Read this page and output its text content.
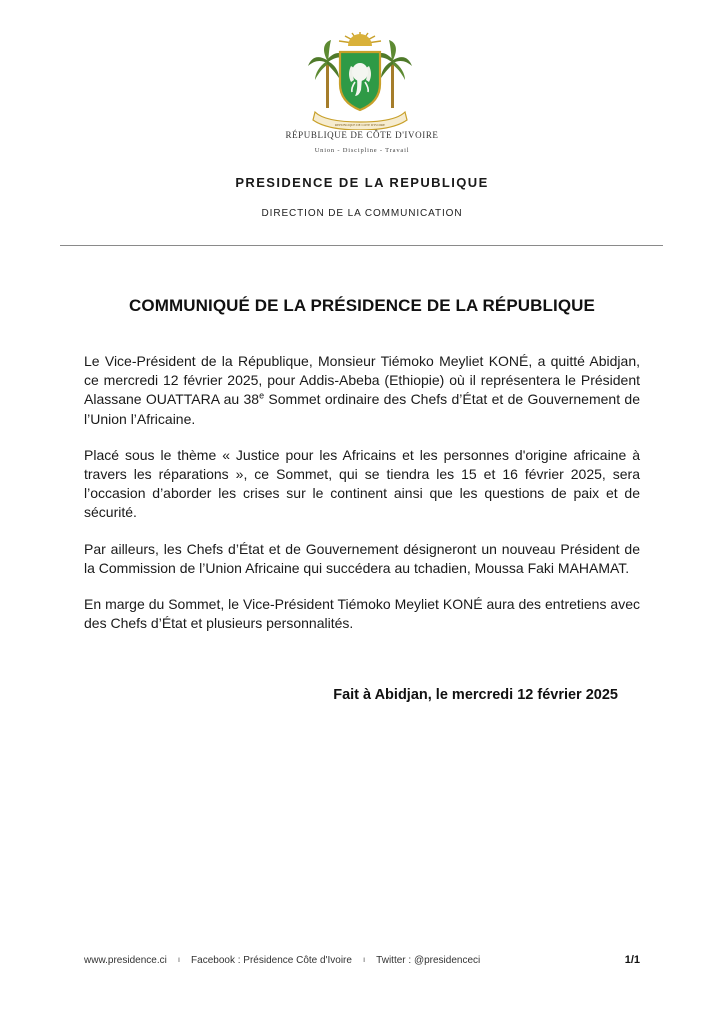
REPUBLIQUE DE COTE D'IVOIRE
RÉPUBLIQUE DE CÔTE D'IVOIRE
Union - Discipline - Travail
PRESIDENCE DE LA REPUBLIQUE
DIRECTION DE LA COMMUNICATION
COMMUNIQUÉ DE LA PRÉSIDENCE DE LA RÉPUBLIQUE

Le Vice-Président de la République, Monsieur Tiémoko Meyliet KONÉ, a quitté Abidjan, ce mercredi 12 février 2025, pour Addis-Abeba (Ethiopie) où il représentera le Président Alassane OUATTARA au 38e Sommet ordinaire des Chefs d’État et de Gouvernement de l’Union l’Africaine.

Placé sous le thème « Justice pour les Africains et les personnes d'origine africaine à travers les réparations », ce Sommet, qui se tiendra les 15 et 16 février 2025, sera l’occasion d’aborder les crises sur le continent ainsi que les questions de paix et de sécurité.

Par ailleurs, les Chefs d’État et de Gouvernement désigneront un nouveau Président de la Commission de l’Union Africaine qui succédera au tchadien, Moussa Faki MAHAMAT.

En marge du Sommet, le Vice-Président Tiémoko Meyliet KONÉ aura des entretiens avec des Chefs d’État et plusieurs personnalités.

Fait à Abidjan, le mercredi 12 février 2025
www.presidence.ci ı Facebook : Présidence Côte d'Ivoire ı Twitter : @presidenceci	1/1
